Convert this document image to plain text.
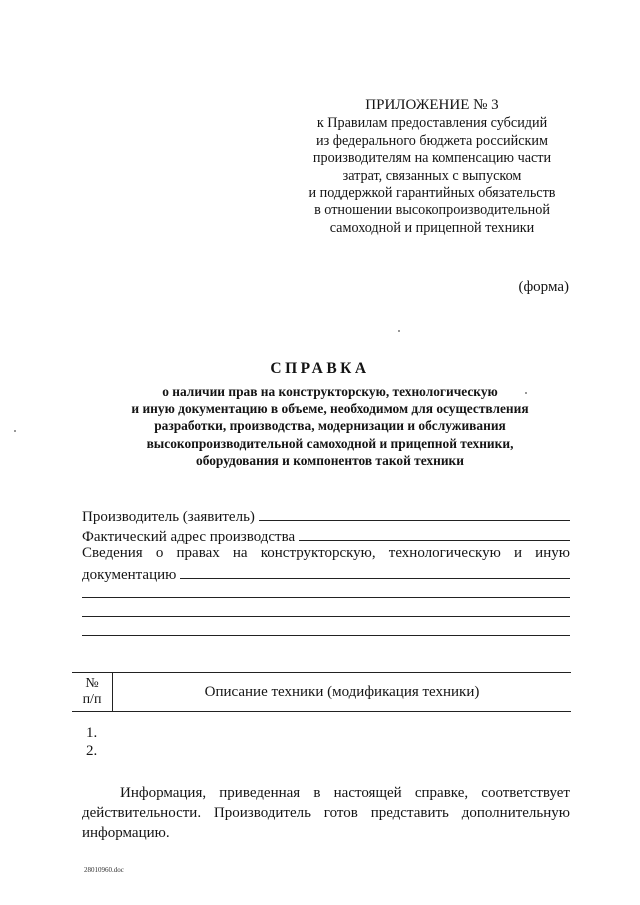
ПРИЛОЖЕНИЕ № 3
к Правилам предоставления субсидий
из федерального бюджета российским
производителям на компенсацию части
затрат, связанных с выпуском
и поддержкой гарантийных обязательств
в отношении высокопроизводительной
самоходной и прицепной техники
(форма)
СПРАВКА
о наличии прав на конструкторскую, технологическую
и иную документацию в объеме, необходимом для осуществления
разработки, производства, модернизации и обслуживания
высокопроизводительной самоходной и прицепной техники,
оборудования и компонентов такой техники
Производитель (заявитель)
Фактический адрес производства
Сведения о правах на конструкторскую, технологическую и иную
документацию
№
п/п	Описание техники (модификация техники)
1.
2.

Информация, приведенная в настоящей справке, соответствует действительности. Производитель готов представить дополнительную информацию.

28010960.doc
